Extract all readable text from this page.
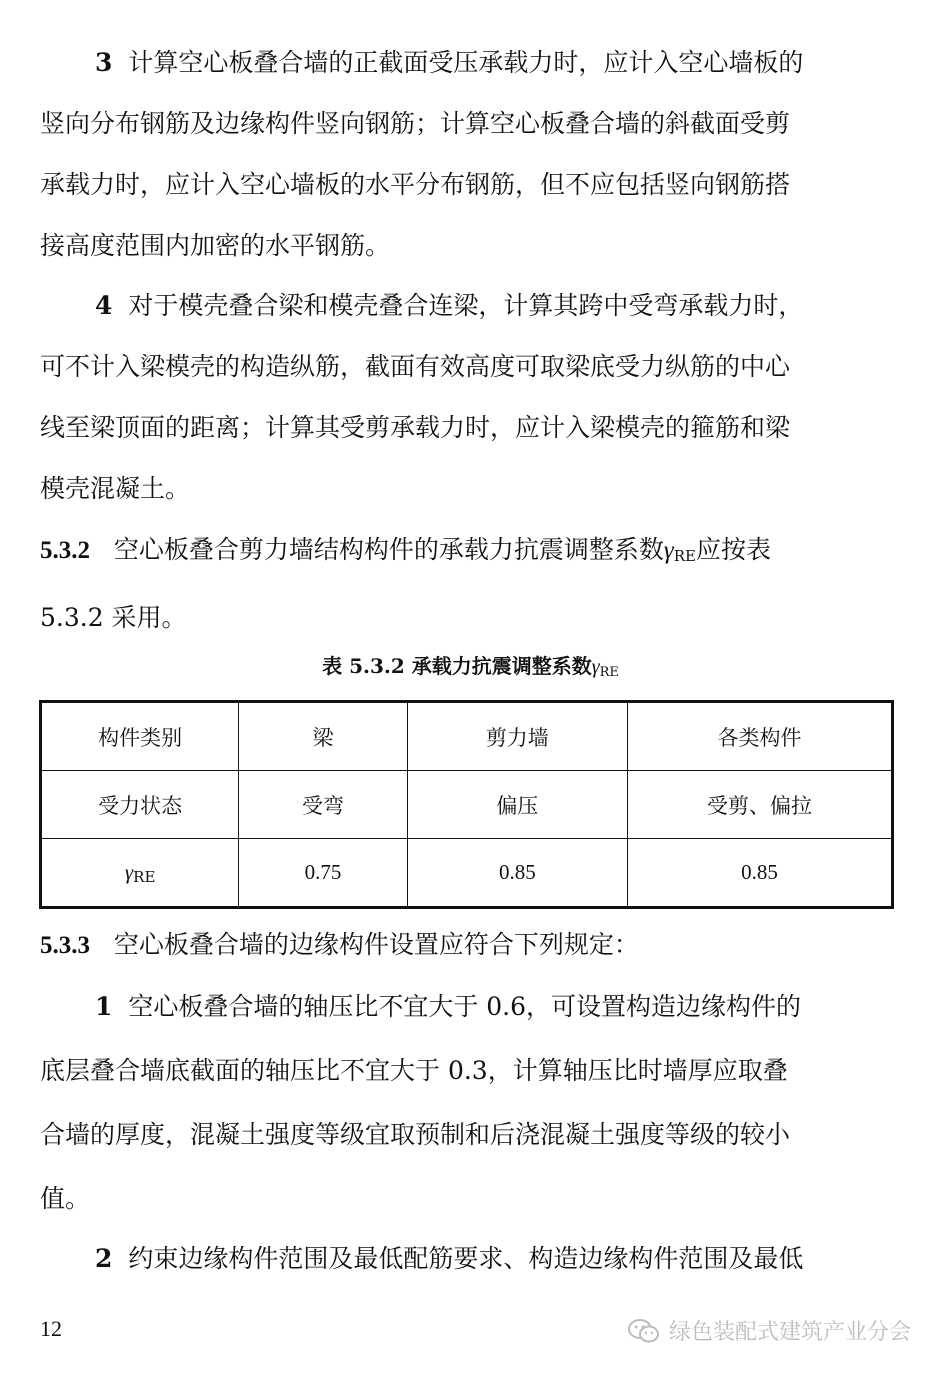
3 计算空心板叠合墙的正截面受压承载力时，应计入空心墙板的
竖向分布钢筋及边缘构件竖向钢筋；计算空心板叠合墙的斜截面受剪
承载力时，应计入空心墙板的水平分布钢筋，但不应包括竖向钢筋搭
接高度范围内加密的水平钢筋。
4 对于模壳叠合梁和模壳叠合连梁，计算其跨中受弯承载力时，
可不计入梁模壳的构造纵筋，截面有效高度可取梁底受力纵筋的中心
线至梁顶面的距离；计算其受剪承载力时，应计入梁模壳的箍筋和梁
模壳混凝土。
5.3.2 空心板叠合剪力墙结构构件的承载力抗震调整系数$\gamma_{RE}$应按表
5.3.2 采用。
表 5.3.2 承载力抗震调整系数$\gamma_{RE}$
构件类别	梁	剪力墙	各类构件
受力状态	受弯	偏压	受剪、偏拉
$\gamma_{RE}$	0.75	0.85	0.85
5.3.3 空心板叠合墙的边缘构件设置应符合下列规定：
1 空心板叠合墙的轴压比不宜大于 0.6，可设置构造边缘构件的
底层叠合墙底截面的轴压比不宜大于 0.3，计算轴压比时墙厚应取叠
合墙的厚度，混凝土强度等级宜取预制和后浇混凝土强度等级的较小
值。
2 约束边缘构件范围及最低配筋要求、构造边缘构件范围及最低
12	绿色装配式建筑产业分会
